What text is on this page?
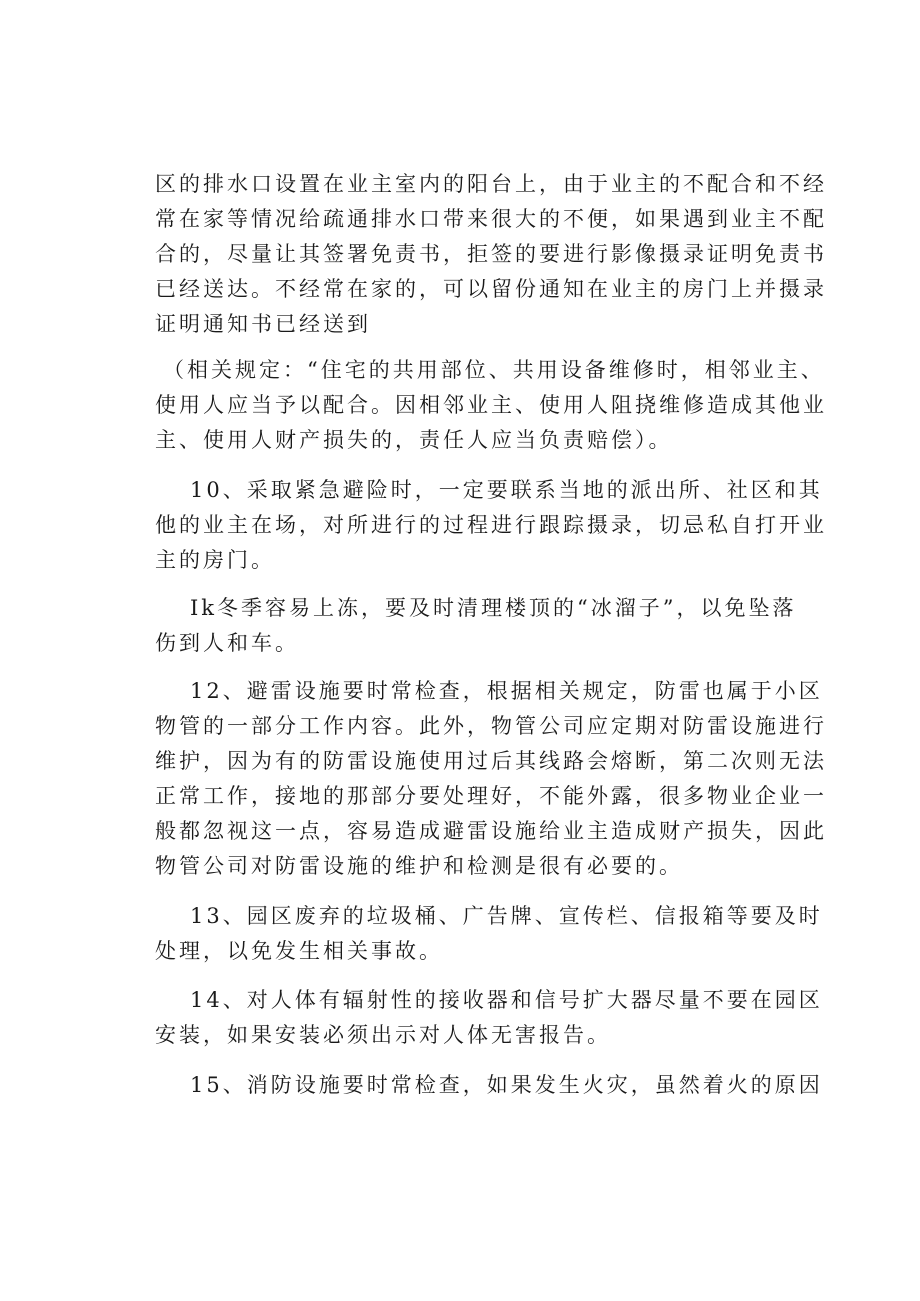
区的排水口设置在业主室内的阳台上，由于业主的不配合和不经
常在家等情况给疏通排水口带来很大的不便，如果遇到业主不配
合的，尽量让其签署免责书，拒签的要进行影像摄录证明免责书
已经送达。不经常在家的，可以留份通知在业主的房门上并摄录
证明通知书已经送到
（相关规定：“住宅的共用部位、共用设备维修时，相邻业主、
使用人应当予以配合。因相邻业主、使用人阻挠维修造成其他业
主、使用人财产损失的，责任人应当负责赔偿）。
10、采取紧急避险时，一定要联系当地的派出所、社区和其
他的业主在场，对所进行的过程进行跟踪摄录，切忌私自打开业
主的房门。
Ik冬季容易上冻，要及时清理楼顶的“冰溜子”，以免坠落
伤到人和车。
12、避雷设施要时常检查，根据相关规定，防雷也属于小区
物管的一部分工作内容。此外，物管公司应定期对防雷设施进行
维护，因为有的防雷设施使用过后其线路会熔断，第二次则无法
正常工作，接地的那部分要处理好，不能外露，很多物业企业一
般都忽视这一点，容易造成避雷设施给业主造成财产损失，因此
物管公司对防雷设施的维护和检测是很有必要的。
13、园区废弃的垃圾桶、广告牌、宣传栏、信报箱等要及时
处理，以免发生相关事故。
14、对人体有辐射性的接收器和信号扩大器尽量不要在园区
安装，如果安装必须出示对人体无害报告。
15、消防设施要时常检查，如果发生火灾，虽然着火的原因
